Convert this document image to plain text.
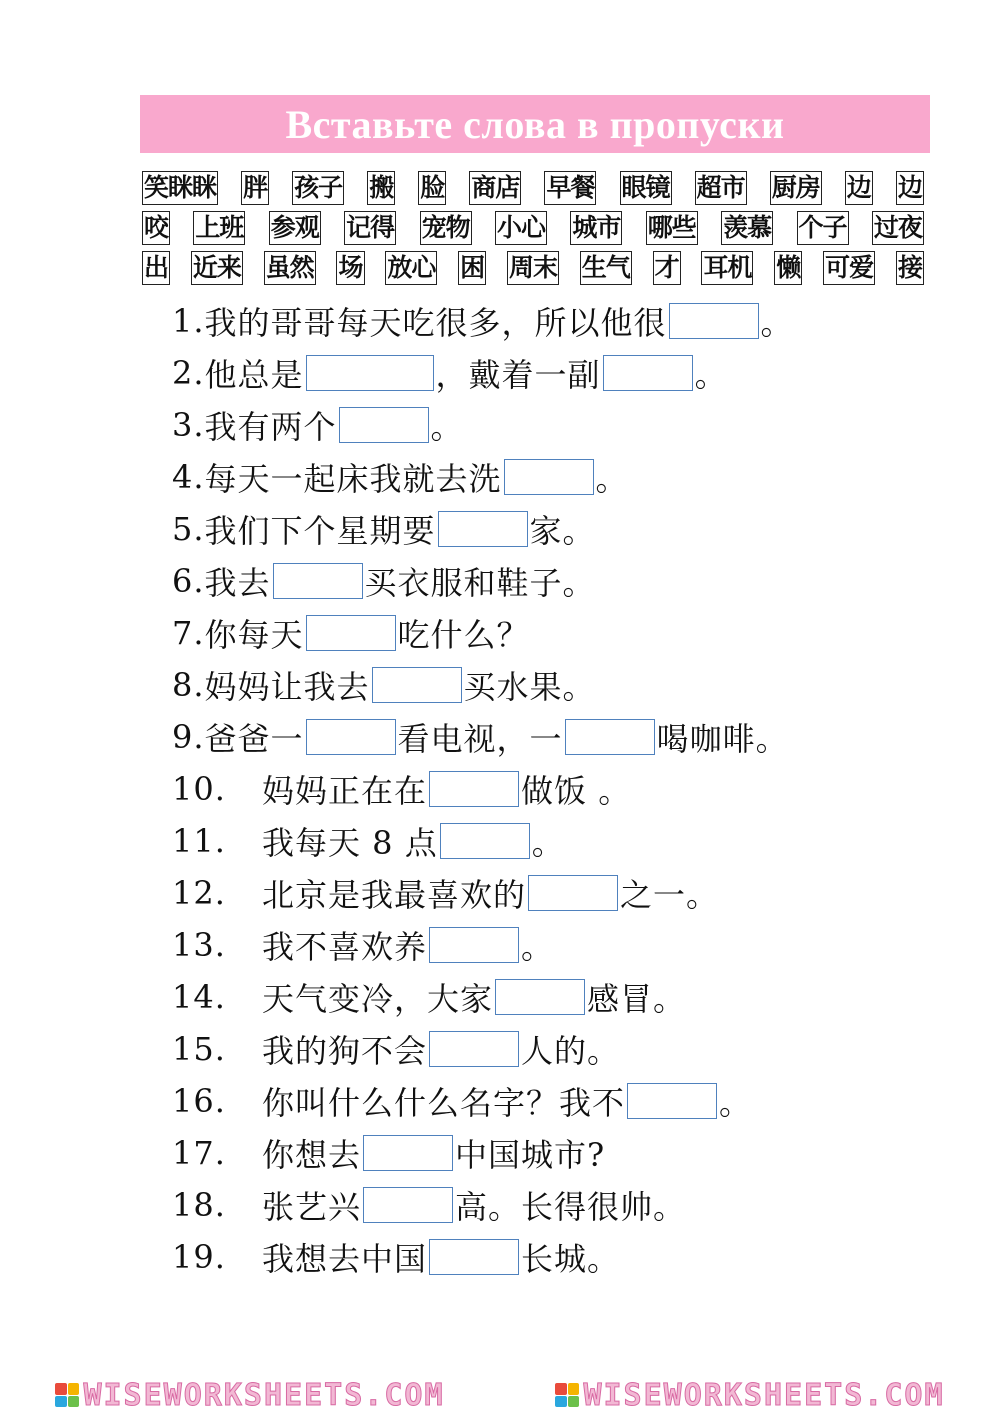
Вставьте слова в пропуски
笑眯眯 胖 孩子 搬 脸 商店 早餐 眼镜 超市 厨房 边 边
咬 上班 参观 记得 宠物 小心 城市 哪些 羡慕 个子 过夜
出 近来 虽然 场 放心 困 周末 生气 才 耳机 懒 可爱 接
1. 我的哥哥每天吃很多，所以他很	。
2. 他总是	，戴着一副	。
3. 我有两个	。
4. 每天一起床我就去洗	。
5. 我们下个星期要	家。
6. 我去	买衣服和鞋子。
7. 你每天	吃什么？
8. 妈妈让我去	买水果。
9. 爸爸一	看电视，一	喝咖啡。
10.	妈妈正在在	做饭 。
11.	我每天 8 点	。
12.	北京是我最喜欢的	之一。
13.	我不喜欢养	。
14.	天气变冷，大家	感冒。
15.	我的狗不会	人的。
16.	你叫什么什么名字？我不	。
17.	你想去	中国城市?
18.	张艺兴	高。长得很帅。
19.	我想去中国	长城。
WISEWORKSHEETS.COM	WISEWORKSHEETS.COM
